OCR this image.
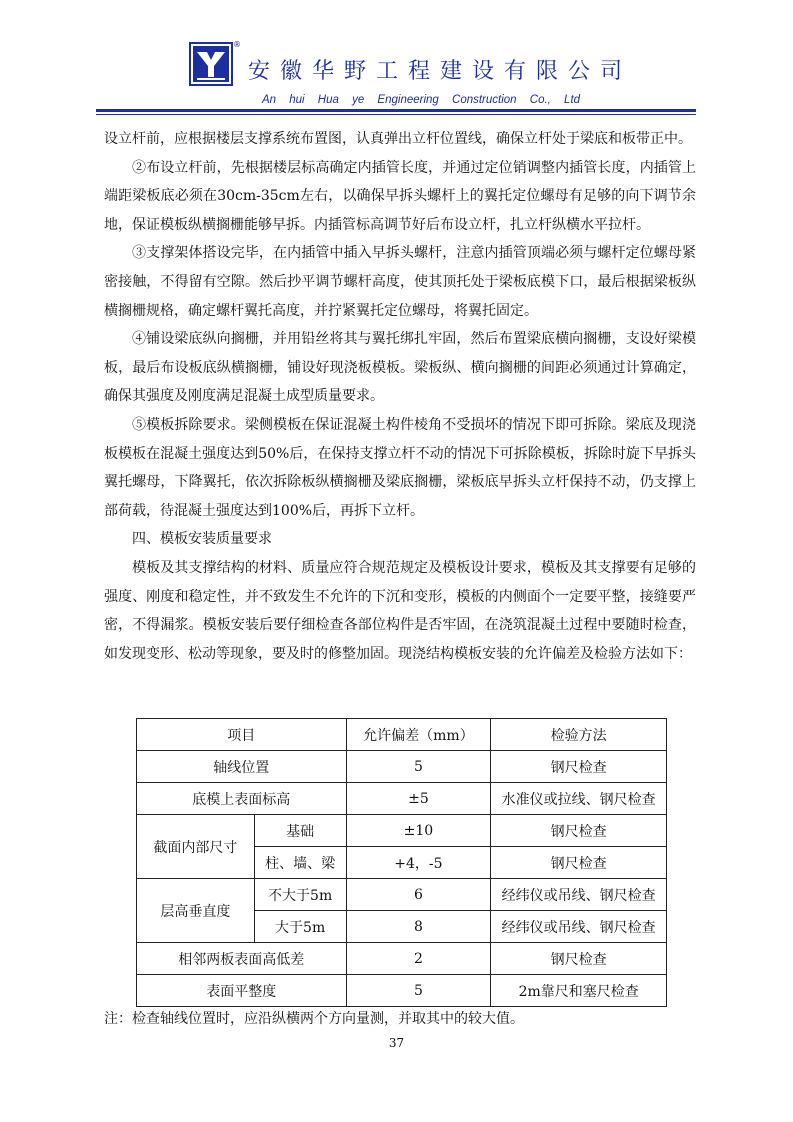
®
安徽华野工程建设有限公司
An hui Hua ye Engineering Construction Co., Ltd

设立杆前，应根据楼层支撑系统布置图，认真弹出立杆位置线，确保立杆处于梁底和板带正中。

②布设立杆前，先根据楼层标高确定内插管长度，并通过定位销调整内插管长度，内插管上端距梁板底必须在30cm-35cm左右，以确保早拆头螺杆上的翼托定位螺母有足够的向下调节余地，保证模板纵横搁栅能够早拆。内插管标高调节好后布设立杆，扎立杆纵横水平拉杆。

③支撑架体搭设完毕，在内插管中插入早拆头螺杆，注意内插管顶端必须与螺杆定位螺母紧密接触，不得留有空隙。然后抄平调节螺杆高度，使其顶托处于梁板底模下口，最后根据梁板纵横搁栅规格，确定螺杆翼托高度，并拧紧翼托定位螺母，将翼托固定。

④铺设梁底纵向搁栅，并用铅丝将其与翼托绑扎牢固，然后布置梁底横向搁栅，支设好梁模板，最后布设板底纵横搁栅，铺设好现浇板模板。梁板纵、横向搁栅的间距必须通过计算确定，确保其强度及刚度满足混凝土成型质量要求。

⑤模板拆除要求。梁侧模板在保证混凝土构件棱角不受损坏的情况下即可拆除。梁底及现浇板模板在混凝土强度达到50%后，在保持支撑立杆不动的情况下可拆除模板，拆除时旋下早拆头翼托螺母，下降翼托，依次拆除板纵横搁栅及梁底搁栅，梁板底早拆头立杆保持不动，仍支撑上部荷载，待混凝土强度达到100%后，再拆下立杆。

四、模板安装质量要求

模板及其支撑结构的材料、质量应符合规范规定及模板设计要求，模板及其支撑要有足够的强度、刚度和稳定性，并不致发生不允许的下沉和变形，模板的内侧面个一定要平整，接缝要严密，不得漏浆。模板安装后要仔细检查各部位构件是否牢固，在浇筑混凝土过程中要随时检查，如发现变形、松动等现象，要及时的修整加固。现浇结构模板安装的允许偏差及检验方法如下：

项目		允许偏差（mm）	检验方法
轴线位置		5	钢尺检查
底模上表面标高		±5	水准仪或拉线、钢尺检查
截面内部尺寸	基础	±10	钢尺检查
	柱、墙、梁	+4，-5	钢尺检查
层高垂直度	不大于5m	6	经纬仪或吊线、钢尺检查
	大于5m	8	经纬仪或吊线、钢尺检查
相邻两板表面高低差		2	钢尺检查
表面平整度		5	2m靠尺和塞尺检查
注：检查轴线位置时，应沿纵横两个方向量测，并取其中的较大值。
37
